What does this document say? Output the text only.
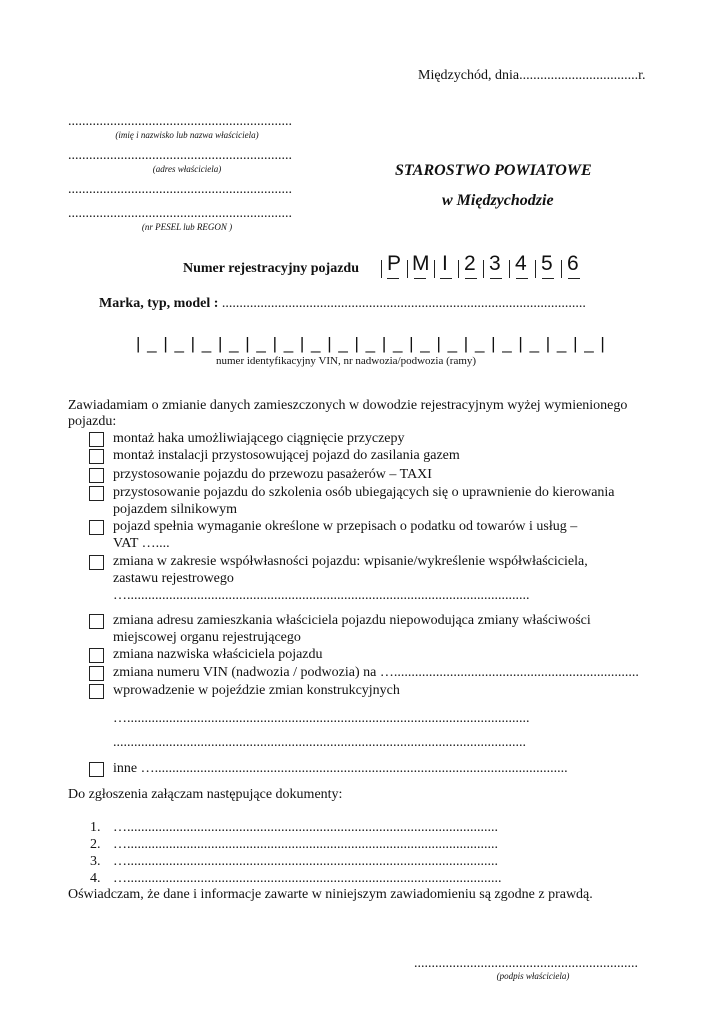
Międzychód, dnia..................................r.
................................................................
(imię i nazwisko lub nazwa właściciela)
................................................................
(adres właściciela)
................................................................
................................................................
(nr PESEL lub REGON )
STAROSTWO POWIATOWE
w Międzychodzie
Numer rejestracyjny pojazdu P M I 2 3 4 5 6
Marka, typ, model : ........................................................................................................
| _ | _ | _ | _ | _ | _ | _ | _ | _ | _ | _ | _ | _ | _ | _ | _ | _ |
numer identyfikacyjny VIN, nr nadwozia/podwozia (ramy)
Zawiadamiam o zmianie danych zamieszczonych w dowodzie rejestracyjnym wyżej wymienionego
pojazdu:
montaż haka umożliwiającego ciągnięcie przyczepy
montaż instalacji przystosowującej pojazd do zasilania gazem
przystosowanie pojazdu do przewozu pasażerów – TAXI
przystosowanie pojazdu do szkolenia osób ubiegających się o uprawnienie do kierowania
pojazdem silnikowym
pojazd spełnia wymaganie określone w przepisach o podatku od towarów i usług –
VAT …....
zmiana w zakresie współwłasności pojazdu: wpisanie/wykreślenie współwłaściciela,
zastawu rejestrowego
…...................................................................................................................
zmiana adresu zamieszkania właściciela pojazdu niepowodująca zmiany właściwości
miejscowej organu rejestrującego
zmiana nazwiska właściciela pojazdu
zmiana numeru VIN (nadwozia / podwozia) na …......................................................................
wprowadzenie w pojeździe zmian konstrukcyjnych
…...................................................................................................................
......................................................................................................................
inne …......................................................................................................................
Do zgłoszenia załączam następujące dokumenty:
1. …..........................................................................................................
2. …..........................................................................................................
3. …..........................................................................................................
4. …...........................................................................................................
Oświadczam, że dane i informacje zawarte w niniejszym zawiadomieniu są zgodne z prawdą.
................................................................
(podpis właściciela)
